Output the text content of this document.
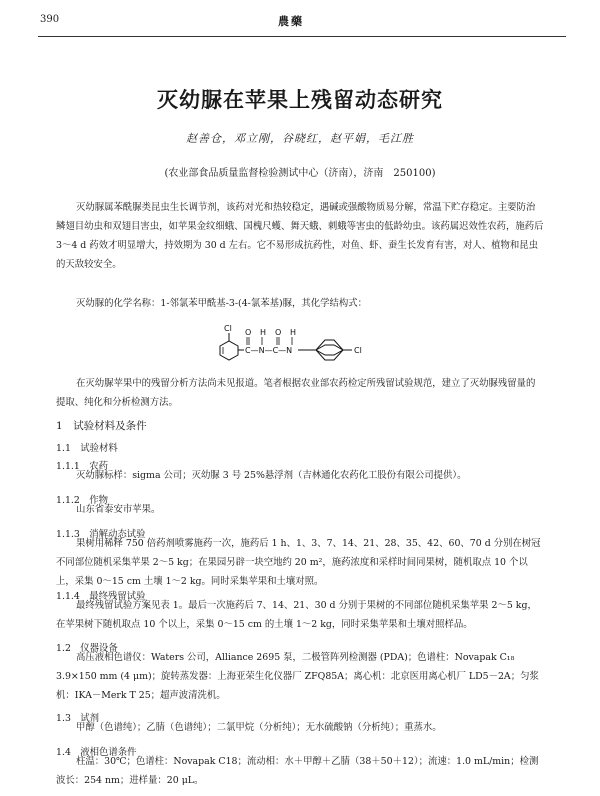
390	農藥
灭幼脲在苹果上残留动态研究
赵善仓，邓立刚，谷晓红，赵平娟，毛江胜
(农业部食品质量监督检验测试中心（济南），济南　250100)

灭幼脲属苯酰脲类昆虫生长调节剂，该药对光和热较稳定，遇碱或强酸物质易分解，常温下贮存稳定。主要防治鳞翅目幼虫和双翅目害虫，如苹果金纹细蛾、国槐尺蠖、舞天蛾、刺蛾等害虫的低龄幼虫。该药属迟效性农药，施药后 3～4 d 药效才明显增大，持效期为 30 d 左右。它不易形成抗药性，对鱼、虾、蚕生长发育有害，对人、植物和昆虫的天敌较安全。

灭幼脲的化学名称：1-邻氯苯甲酰基-3-(4-氯苯基)脲，其化学结构式：

Cl
C—N—C—N
O H O H
Cl

在灭幼脲苹果中的残留分析方法尚未见报道。笔者根据农业部农药检定所残留试验规范，建立了灭幼脲残留量的提取、纯化和分析检测方法。

1　试验材料及条件

1.1　试验材料

1.1.1　农药

灭幼脲标样：sigma 公司；灭幼脲 3 号 25%悬浮剂（吉林通化农药化工股份有限公司提供）。

1.1.2　作物

山东省泰安市苹果。

1.1.3　消解动态试验

果树用稀释 750 倍药剂喷雾施药一次，施药后 1 h、1、3、7、14、21、28、35、42、60、70 d 分别在树冠不同部位随机采集苹果 2～5 kg；在果园另辟一块空地约 20 m²，施药浓度和采样时间同果树，随机取点 10 个以上，采集 0～15 cm 土壤 1～2 kg。同时采集苹果和土壤对照。

1.1.4　最终残留试验

最终残留试验方案见表 1。最后一次施药后 7、14、21、30 d 分别于果树的不同部位随机采集苹果 2～5 kg，在苹果树下随机取点 10 个以上，采集 0～15 cm 的土壤 1～2 kg，同时采集苹果和土壤对照样品。

1.2　仪器设备

高压液相色谱仪：Waters 公司，Alliance 2695 泵，二极管阵列检测器 (PDA)；色谱柱：Novapak C₁₈ 3.9×150 mm (4 μm)；旋转蒸发器：上海亚荣生化仪器厂 ZFQ85A；离心机：北京医用离心机厂 LD5－2A；匀浆机：IKA－Merk T 25；超声波清洗机。

1.3　试剂

甲醇（色谱纯）；乙腈（色谱纯）；二氯甲烷（分析纯）；无水硫酸钠（分析纯）；重蒸水。

1.4　液相色谱条件

柱温：30℃；色谱柱：Novapak C18；流动相：水＋甲醇＋乙腈（38＋50＋12）；流速：1.0 mL/min；检测波长：254 nm；进样量：20 μL。
